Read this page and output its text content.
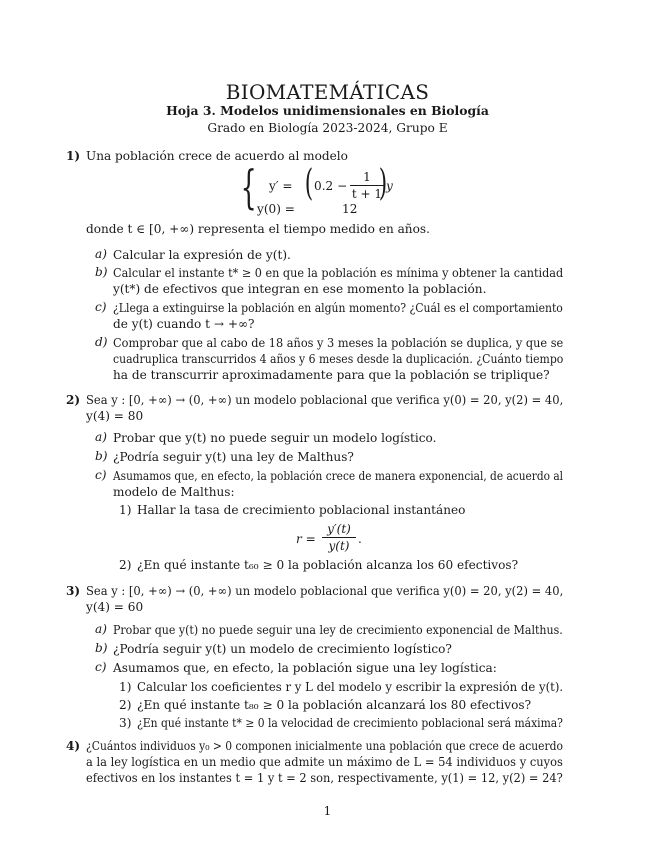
BIOMATEMÁTICAS
Hoja 3. Modelos unidimensionales en Biología
Grado en Biología 2023-2024, Grupo E
1) Una población crece de acuerdo al modelo
{ y′ = ( 0.2 −
1
t + 1
)
y
y(0) =	12
donde t ∈ [0, +∞) representa el tiempo medido en años.
a) Calcular la expresión de y(t).
b) Calcular el instante t* ≥ 0 en que la población es mínima y obtener la cantidad
y(t*) de efectivos que integran en ese momento la población.
c) ¿Llega a extinguirse la población en algún momento? ¿Cuál es el comportamiento
de y(t) cuando t → +∞?
d) Comprobar que al cabo de 18 años y 3 meses la población se duplica, y que se
cuadruplica transcurridos 4 años y 6 meses desde la duplicación. ¿Cuánto tiempo
ha de transcurrir aproximadamente para que la población se triplique?
2) Sea y : [0, +∞) → (0, +∞) un modelo poblacional que verifica y(0) = 20, y(2) = 40,
y(4) = 80
a) Probar que y(t) no puede seguir un modelo logístico.
b) ¿Podría seguir y(t) una ley de Malthus?
c) Asumamos que, en efecto, la población crece de manera exponencial, de acuerdo al
modelo de Malthus:
1) Hallar la tasa de crecimiento poblacional instantáneo
r =
y′(t)
y(t) .
2) ¿En qué instante t₆₀ ≥ 0 la población alcanza los 60 efectivos?
3) Sea y : [0, +∞) → (0, +∞) un modelo poblacional que verifica y(0) = 20, y(2) = 40,
y(4) = 60
a) Probar que y(t) no puede seguir una ley de crecimiento exponencial de Malthus.
b) ¿Podría seguir y(t) un modelo de crecimiento logístico?
c) Asumamos que, en efecto, la población sigue una ley logística:
1) Calcular los coeficientes r y L del modelo y escribir la expresión de y(t).
2) ¿En qué instante t₈₀ ≥ 0 la población alcanzará los 80 efectivos?
3) ¿En qué instante t* ≥ 0 la velocidad de crecimiento poblacional será máxima?
4) ¿Cuántos individuos y₀ > 0 componen inicialmente una población que crece de acuerdo
a la ley logística en un medio que admite un máximo de L = 54 individuos y cuyos
efectivos en los instantes t = 1 y t = 2 son, respectivamente, y(1) = 12, y(2) = 24?
1
